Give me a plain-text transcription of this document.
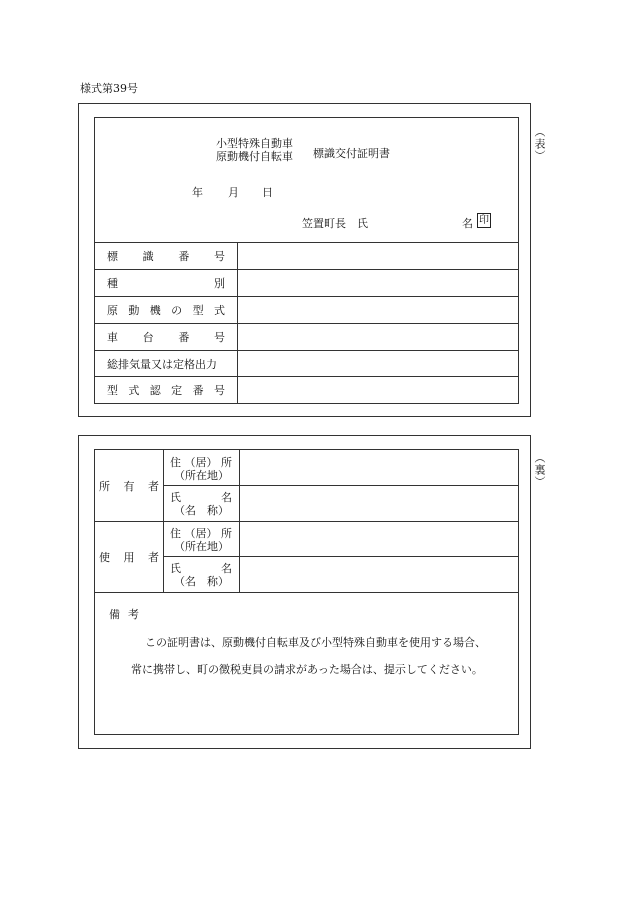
様式第39号
（表）
小型特殊自動車
原動機付自転車 標識交付証明書
年 月 日
笠置町長　氏	名 印
標 識 番 号
種	別
原 動 機 の 型 式
車 台 番 号
総排気量又は定格出力
型 式 認 定 番 号
（裏）
所 有 者
住 （居） 所
（所在地）
氏	名
（名　称）
使 用 者
住 （居） 所
（所在地）
氏	名
（名　称）
備考
この証明書は、原動機付自転車及び小型特殊自動車を使用する場合、
常に携帯し、町の徴税吏員の請求があった場合は、提示してください。
